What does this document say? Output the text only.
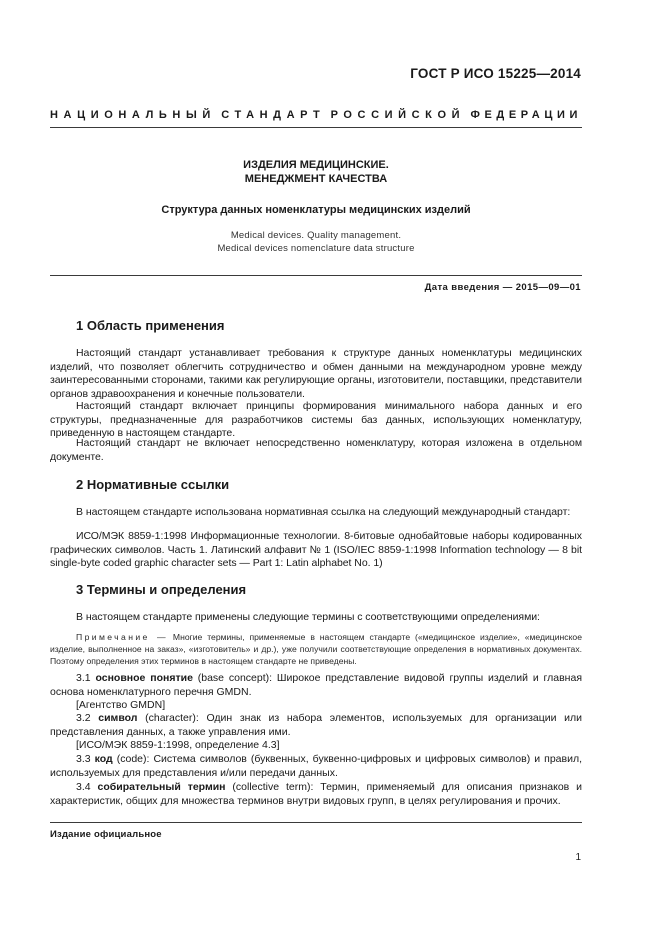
ГОСТ Р ИСО 15225—2014
НАЦИОНАЛЬНЫЙ СТАНДАРТ РОССИЙСКОЙ ФЕДЕРАЦИИ
ИЗДЕЛИЯ МЕДИЦИНСКИЕ.
МЕНЕДЖМЕНТ КАЧЕСТВА
Структура данных номенклатуры медицинских изделий
Medical devices. Quality management.
Medical devices nomenclature data structure
Дата введения — 2015—09—01
1 Область применения
Настоящий стандарт устанавливает требования к структуре данных номенклатуры медицинских изделий, что позволяет облегчить сотрудничество и обмен данными на международном уровне между заинтересованными сторонами, такими как регулирующие органы, изготовители, поставщики, представители органов здравоохранения и конечные пользователи.
Настоящий стандарт включает принципы формирования минимального набора данных и его структуры, предназначенные для разработчиков системы баз данных, использующих номенклатуру, приведенную в настоящем стандарте.
Настоящий стандарт не включает непосредственно номенклатуру, которая изложена в отдельном документе.
2 Нормативные ссылки
В настоящем стандарте использована нормативная ссылка на следующий международный стандарт:
ИСО/МЭК 8859-1:1998 Информационные технологии. 8-битовые однобайтовые наборы кодированных графических символов. Часть 1. Латинский алфавит № 1 (ISO/IEC 8859-1:1998 Information technology — 8 bit single-byte coded graphic character sets — Part 1: Latin alphabet No. 1)
3 Термины и определения
В настоящем стандарте применены следующие термины с соответствующими определениями:
Примечание — Многие термины, применяемые в настоящем стандарте («медицинское изделие», «медицинское изделие, выполненное на заказ», «изготовитель» и др.), уже получили соответствующие определения в нормативных документах. Поэтому определения этих терминов в настоящем стандарте не приведены.
3.1 основное понятие (base concept): Широкое представление видовой группы изделий и главная основа номенклатурного перечня GMDN.
[Агентство GMDN]
3.2 символ (character): Один знак из набора элементов, используемых для организации или представления данных, а также управления ими.
[ИСО/МЭК 8859-1:1998, определение 4.3]
3.3 код (code): Система символов (буквенных, буквенно-цифровых и цифровых символов) и правил, используемых для представления и/или передачи данных.
3.4 собирательный термин (collective term): Термин, применяемый для описания признаков и характеристик, общих для множества терминов внутри видовых групп, в целях регулирования и прочих.
Издание официальное
1
